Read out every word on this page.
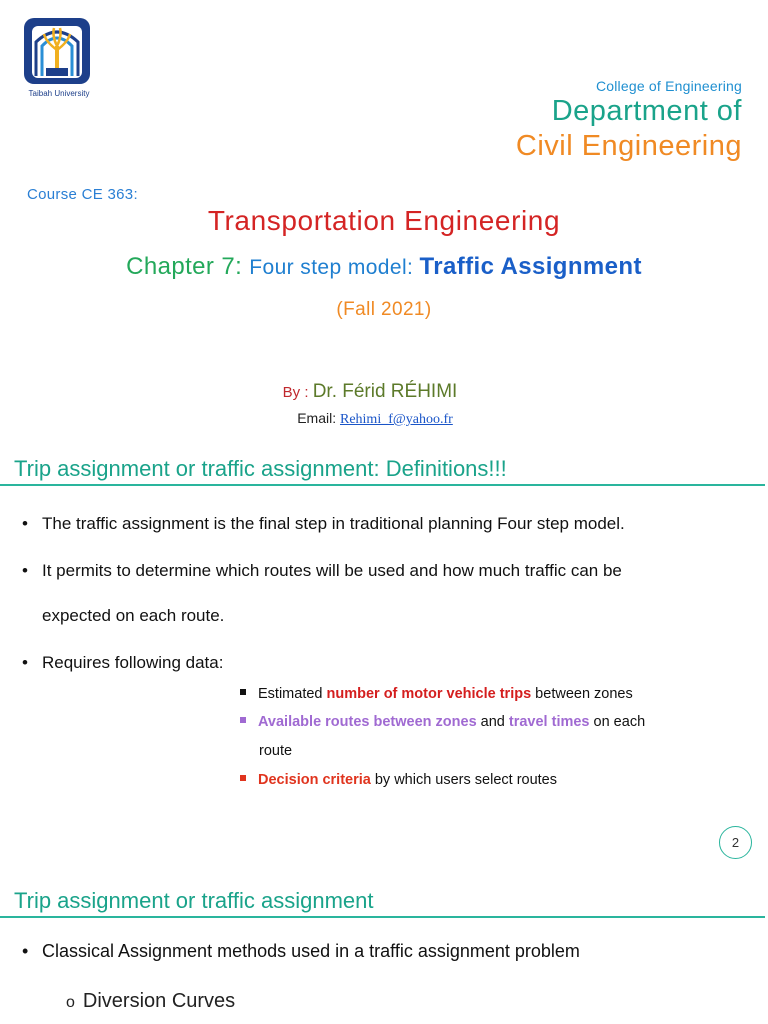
Taibah University	College of Engineering
Department of
Civil Engineering
Course CE 363:
Transportation Engineering
Chapter 7: Four step model: Traffic Assignment
(Fall 2021)
By : Dr. Férid RÉHIMI
Email: Rehimi_f@yahoo.fr
Trip assignment or traffic assignment: Definitions!!!
• The traffic assignment is the final step in traditional planning Four step model.
• It permits to determine which routes will be used and how much traffic can be
expected on each route.
• Requires following data:
Estimated number of motor vehicle trips between zones
Available routes between zones and travel times on each
route
Decision criteria by which users select routes
2
Trip assignment or traffic assignment
• Classical Assignment methods used in a traffic assignment problem
o Diversion Curves
